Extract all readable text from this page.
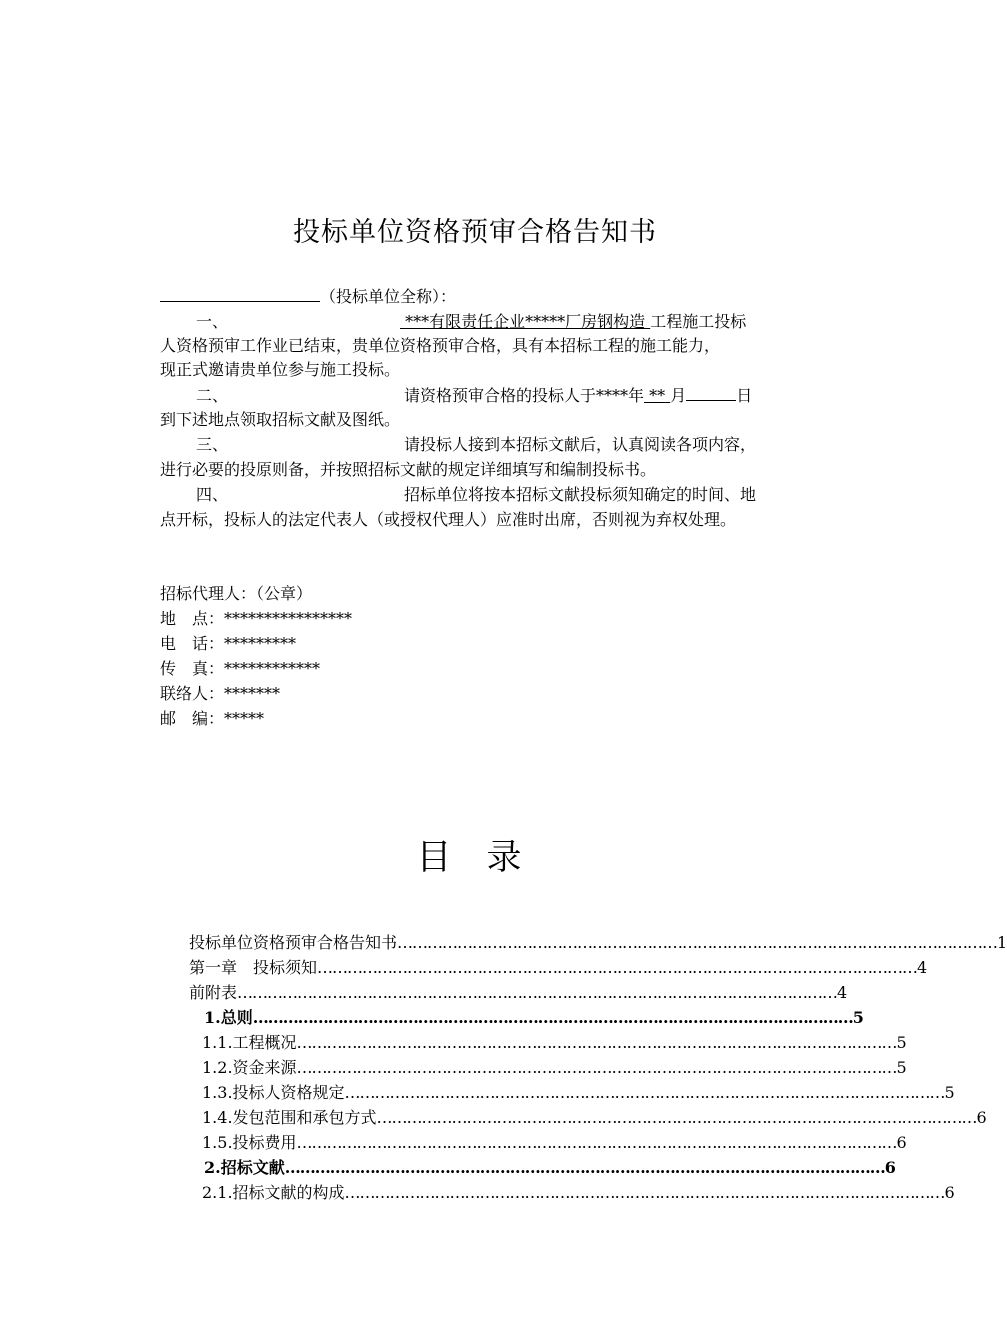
投标单位资格预审合格告知书
（投标单位全称）：
一、	***有限责任企业*****厂房钢构造 工程施工投标
人资格预审工作业已结束，贵单位资格预审合格，具有本招标工程的施工能力，
现正式邀请贵单位参与施工投标。
二、	请资格预审合格的投标人于****年 ** 月	日
到下述地点领取招标文献及图纸。
三、	请投标人接到本招标文献后，认真阅读各项内容，
进行必要的投原则备，并按照招标文献的规定详细填写和编制投标书。
四、	招标单位将按本招标文献投标须知确定的时间、地
点开标，投标人的法定代表人（或授权代理人）应准时出席，否则视为弃权处理。
招标代理人：（公章）
地　点：****************
电　话：*********
传　真：************
联络人：*******
邮　编：*****
目 录
投标单位资格预审合格告知书 ………………………………………………………………………………………………………… 1
第一章　投标须知 ………………………………………………………………………………………………………… 4
前附表 ………………………………………………………………………………………………………… 4
1. 总则 ………………………………………………………………………………………………………… 5
1.1. 工程概况 ………………………………………………………………………………………………………… 5
1.2. 资金来源 ………………………………………………………………………………………………………… 5
1.3. 投标人资格规定 ………………………………………………………………………………………………………… 5
1.4. 发包范围和承包方式 ………………………………………………………………………………………………………… 6
1.5. 投标费用 ………………………………………………………………………………………………………… 6
2. 招标文献 ………………………………………………………………………………………………………… 6
2.1. 招标文献的构成 ………………………………………………………………………………………………………… 6
